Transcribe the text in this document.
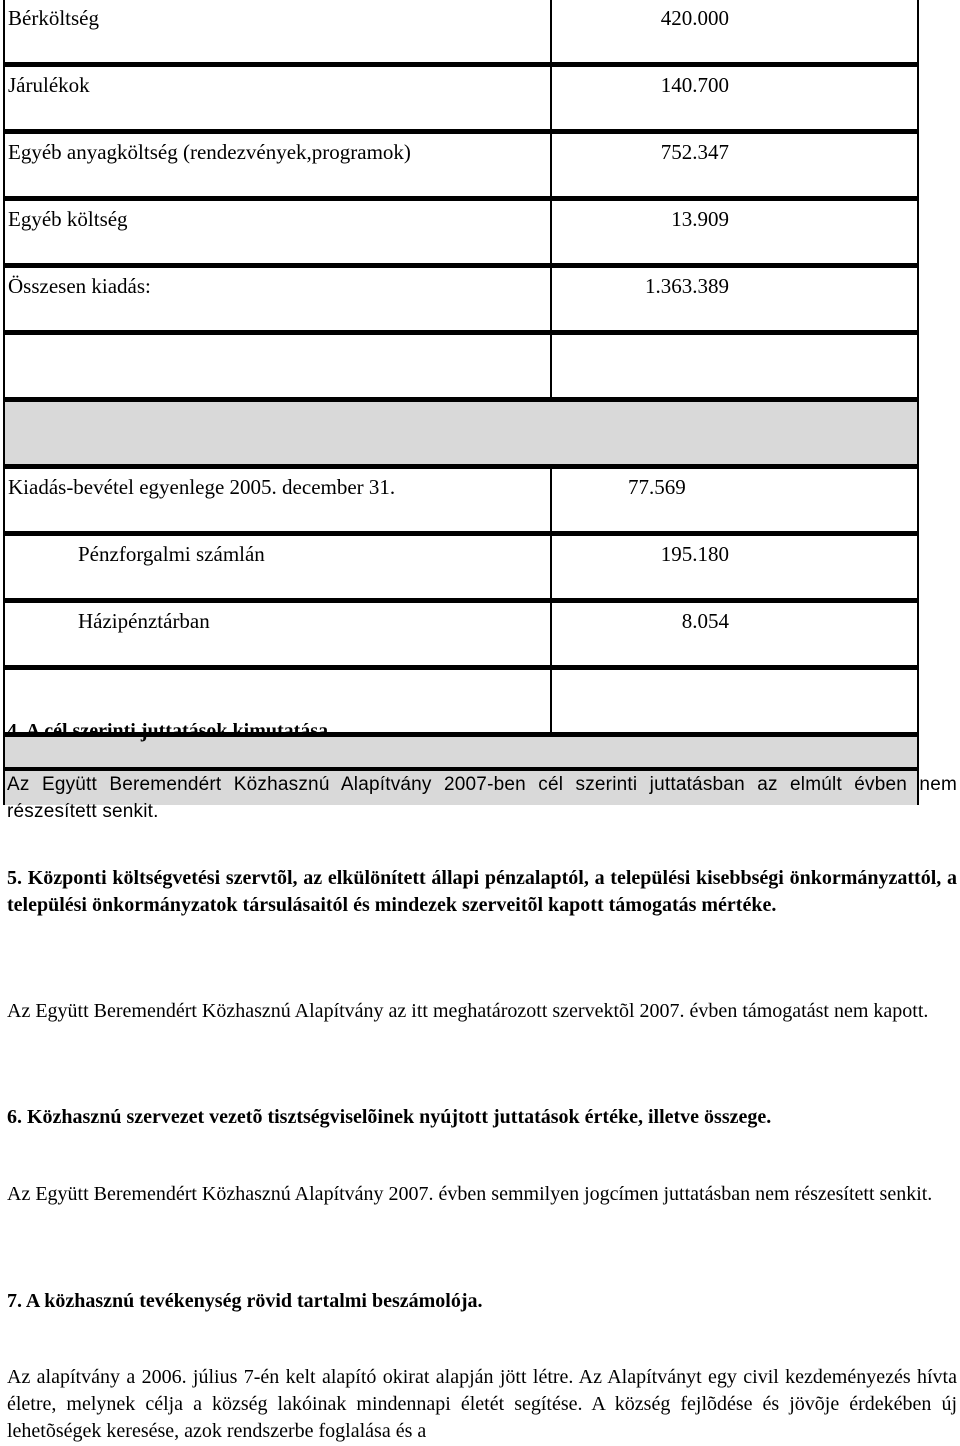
Bérköltség	420.000
Járulékok	140.700
Egyéb anyagköltség (rendezvények,programok)	752.347
Egyéb költség	13.909
Összesen kiadás:	1.363.389
Kiadás-bevétel egyenlege 2005. december 31.	77.569
Pénzforgalmi számlán	195.180
Házipénztárban	8.054
4. A cél szerinti juttatások kimutatása.
Az Együtt Beremendért Közhasznú Alapítvány 2007-ben cél szerinti juttatásban az elmúlt évben nem részesített senkit.
5. Központi költségvetési szervtõl, az elkülönített állapi pénzalaptól, a települési kisebbségi önkormányzattól, a települési önkormányzatok társulásaitól és mindezek szerveitõl kapott támogatás mértéke.
Az Együtt Beremendért Közhasznú Alapítvány az itt meghatározott szervektõl 2007. évben támogatást nem kapott.
6. Közhasznú szervezet vezetõ tisztségviselõinek nyújtott juttatások értéke, illetve összege.
Az Együtt Beremendért Közhasznú Alapítvány 2007. évben semmilyen jogcímen juttatásban nem részesített senkit.
7. A közhasznú tevékenység rövid tartalmi beszámolója.
Az alapítvány a 2006. július 7-én kelt alapító okirat alapján jött létre. Az Alapítványt egy civil kezdeményezés hívta életre, melynek célja a község lakóinak mindennapi életét segítése. A község fejlõdése és jövõje érdekében új lehetõségek keresése, azok rendszerbe foglalása és a
